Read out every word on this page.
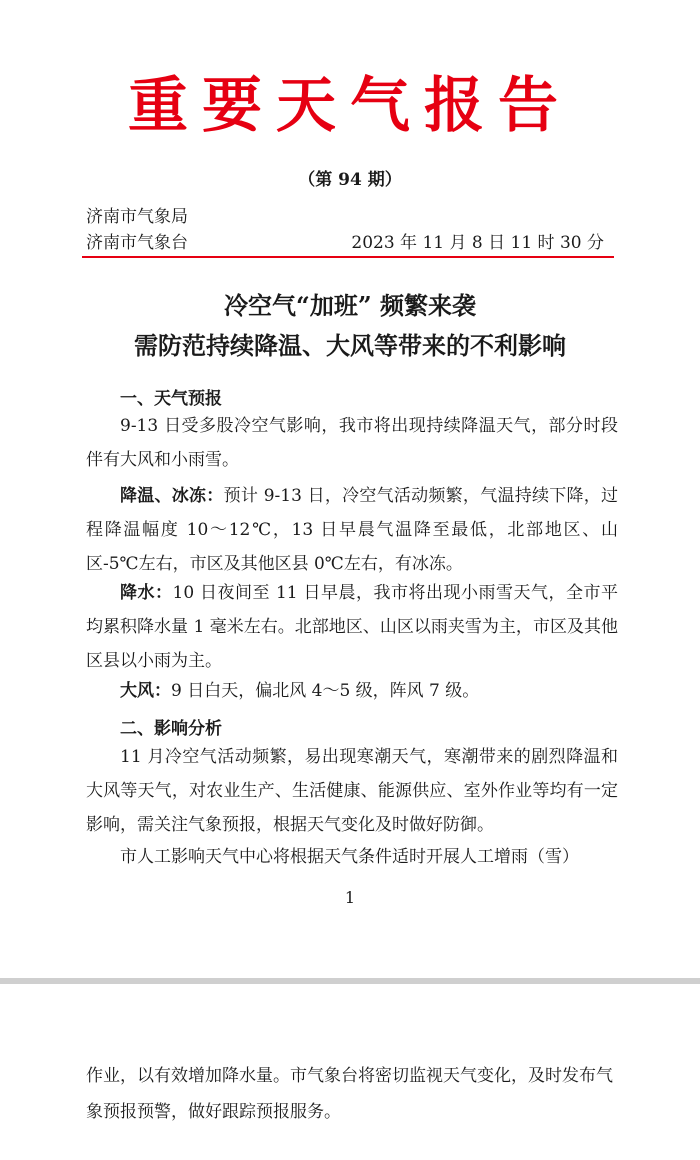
重要天气报告
（第 94 期）
济南市气象局
济南市气象台	2023 年 11 月 8 日 11 时 30 分
冷空气“加班” 频繁来袭
需防范持续降温、大风等带来的不利影响
一、天气预报

9-13 日受多股冷空气影响，我市将出现持续降温天气，部分时段伴有大风和小雨雪。

降温、冰冻：预计 9-13 日，冷空气活动频繁，气温持续下降，过程降温幅度 10～12℃，13 日早晨气温降至最低，北部地区、山区-5℃左右，市区及其他区县 0℃左右，有冰冻。

降水：10 日夜间至 11 日早晨，我市将出现小雨雪天气，全市平均累积降水量 1 毫米左右。北部地区、山区以雨夹雪为主，市区及其他区县以小雨为主。

大风：9 日白天，偏北风 4～5 级，阵风 7 级。

二、影响分析

11 月冷空气活动频繁，易出现寒潮天气，寒潮带来的剧烈降温和大风等天气，对农业生产、生活健康、能源供应、室外作业等均有一定影响，需关注气象预报，根据天气变化及时做好防御。

市人工影响天气中心将根据天气条件适时开展人工增雨（雪）

1

作业，以有效增加降水量。市气象台将密切监视天气变化，及时发布气象预报预警，做好跟踪预报服务。
